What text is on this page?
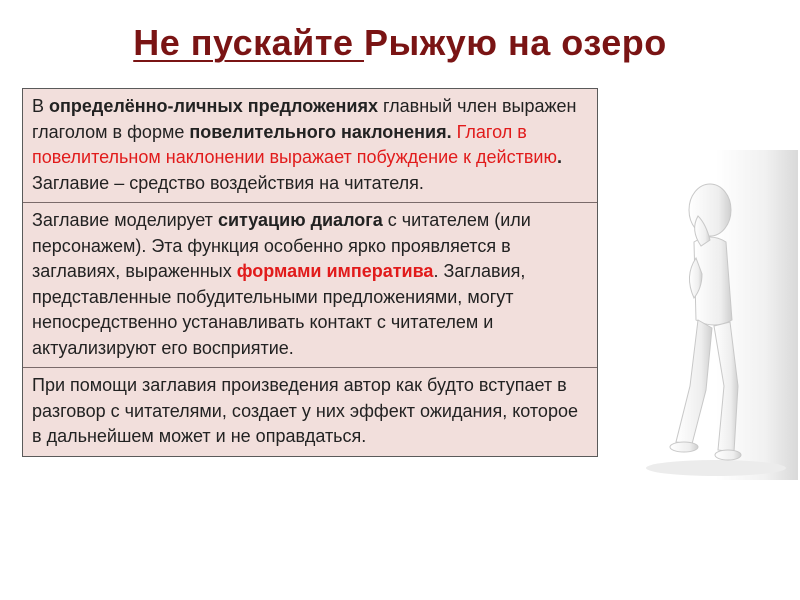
Не пускайте Рыжую на озеро
В определённо-личных предложениях главный член выражен глаголом в форме повелительного наклонения. Глагол в повелительном наклонении выражает побуждение к действию. Заглавие – средство воздействия на читателя.
Заглавие моделирует ситуацию диалога с читателем (или персонажем). Эта функция особенно ярко проявляется в заглавиях, выраженных формами императива. Заглавия, представленные побудительными предложениями, могут непосредственно устанавливать контакт с читателем и актуализируют его восприятие.
При помощи заглавия произведения автор как будто вступает в разговор с читателями, создает у них эффект ожидания, которое в дальнейшем может и не оправдаться.
